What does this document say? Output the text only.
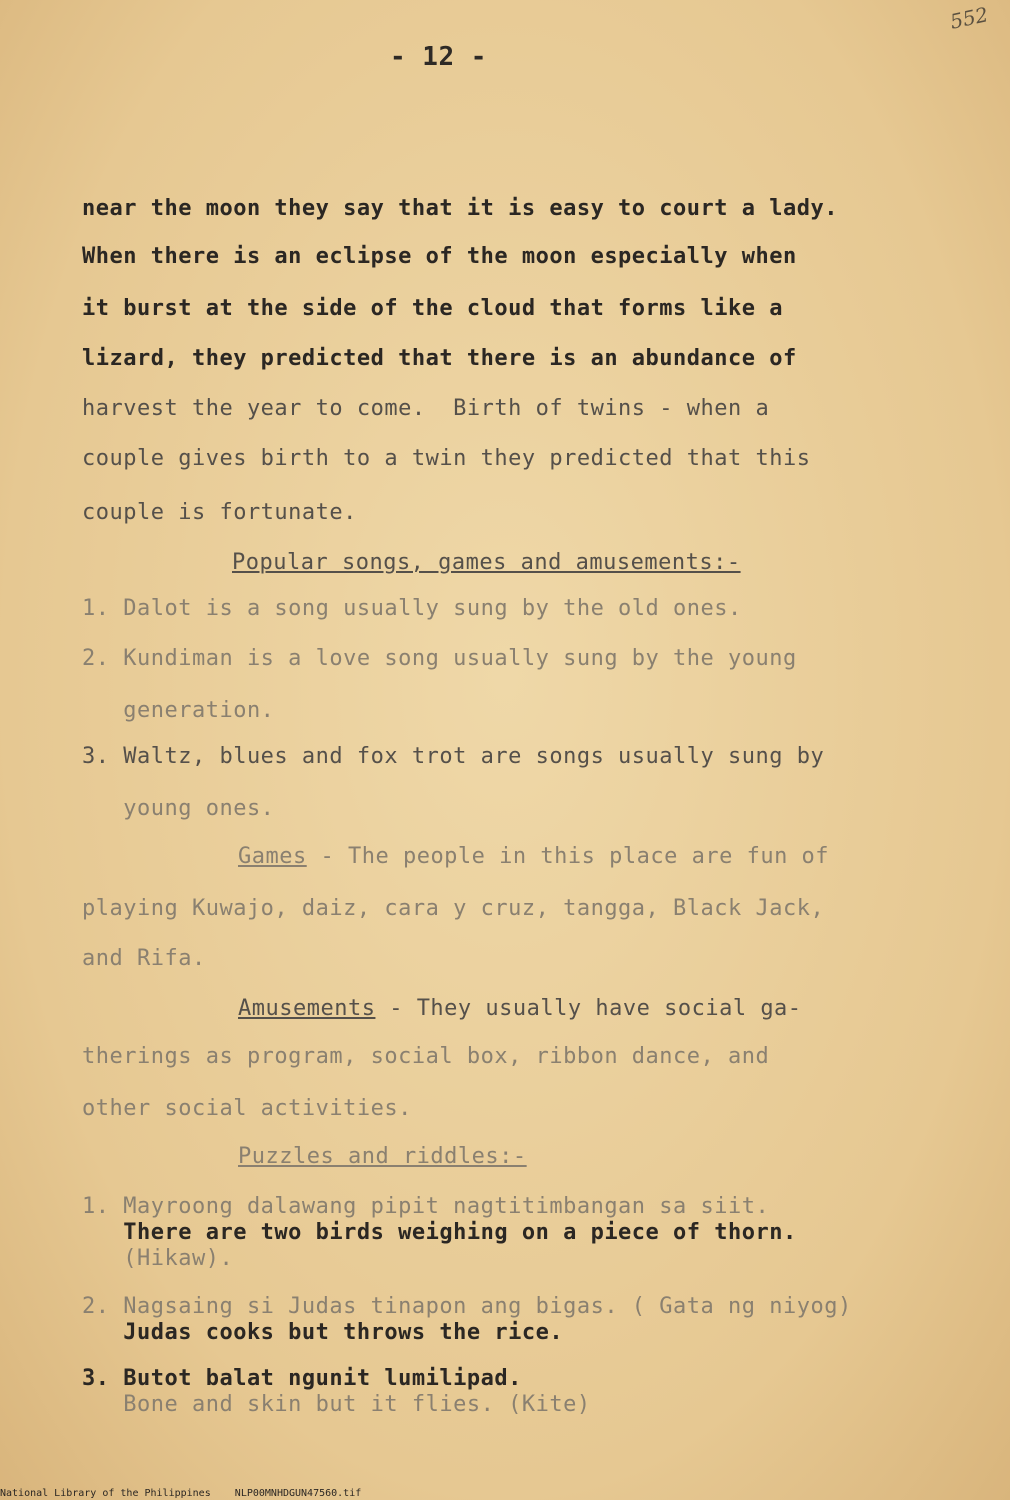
552
- 12 -
near the moon they say that it is easy to court a lady.
When there is an eclipse of the moon especially when
it burst at the side of the cloud that forms like a
lizard, they predicted that there is an abundance of
harvest the year to come.  Birth of twins - when a
couple gives birth to a twin they predicted that this
couple is fortunate.
Popular songs, games and amusements:-
1. Dalot is a song usually sung by the old ones.
2. Kundiman is a love song usually sung by the young
generation.
3. Waltz, blues and fox trot are songs usually sung by
young ones.
Games - The people in this place are fun of
playing Kuwajo, daiz, cara y cruz, tangga, Black Jack,
and Rifa.
Amusements - They usually have social ga-
therings as program, social box, ribbon dance, and
other social activities.
Puzzles and riddles:-
1. Mayroong dalawang pipit nagtitimbangan sa siit.
There are two birds weighing on a piece of thorn.
(Hikaw).
2. Nagsaing si Judas tinapon ang bigas. ( Gata ng niyog)
Judas cooks but throws the rice.
3. Butot balat ngunit lumilipad.
Bone and skin but it flies. (Kite)
National Library of the Philippines    NLP00MNHDGUN47560.tif
